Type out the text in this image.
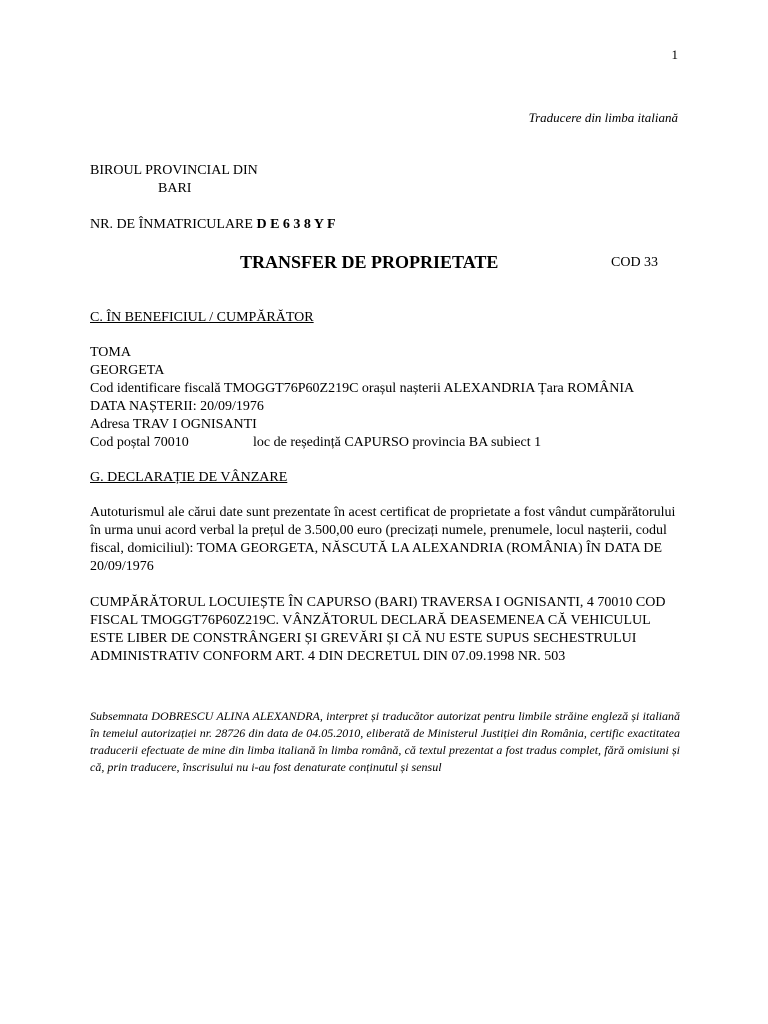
1
Traducere din limba italiană
BIROUL PROVINCIAL DIN
BARI
NR. DE ÎNMATRICULARE D E 6 3 8 Y F
TRANSFER DE PROPRIETATE	COD 33
C. ÎN BENEFICIUL / CUMPĂRĂTOR
TOMA
GEORGETA
Cod identificare fiscală TMOGGT76P60Z219C orașul nașterii ALEXANDRIA Țara ROMÂNIA
DATA NAȘTERII: 20/09/1976
Adresa TRAV I OGNISANTI
Cod poștal 70010	loc de reședință CAPURSO provincia BA subiect 1
G. DECLARAȚIE DE VÂNZARE
Autoturismul ale cărui date sunt prezentate în acest certificat de proprietate a fost vândut cumpărătorului în urma unui acord verbal la prețul de 3.500,00 euro (precizați numele, prenumele, locul nașterii, codul fiscal, domiciliul): TOMA GEORGETA, NĂSCUTĂ LA ALEXANDRIA (ROMÂNIA) ÎN DATA DE 20/09/1976
CUMPĂRĂTORUL LOCUIEȘTE ÎN CAPURSO (BARI) TRAVERSA I OGNISANTI, 4 70010 COD FISCAL TMOGGT76P60Z219C. VÂNZĂTORUL DECLARĂ DEASEMENEA CĂ VEHICULUL ESTE LIBER DE CONSTRÂNGERI ȘI GREVĂRI ȘI CĂ NU ESTE SUPUS SECHESTRULUI ADMINISTRATIV CONFORM ART. 4 DIN DECRETUL DIN 07.09.1998 NR. 503
Subsemnata DOBRESCU ALINA ALEXANDRA, interpret și traducător autorizat pentru limbile străine engleză și italiană în temeiul autorizației nr. 28726 din data de 04.05.2010, eliberată de Ministerul Justiției din România, certific exactitatea traducerii efectuate de mine din limba italiană în limba română, că textul prezentat a fost tradus complet, fără omisiuni și că, prin traducere, înscrisului nu i-au fost denaturate conținutul și sensul
